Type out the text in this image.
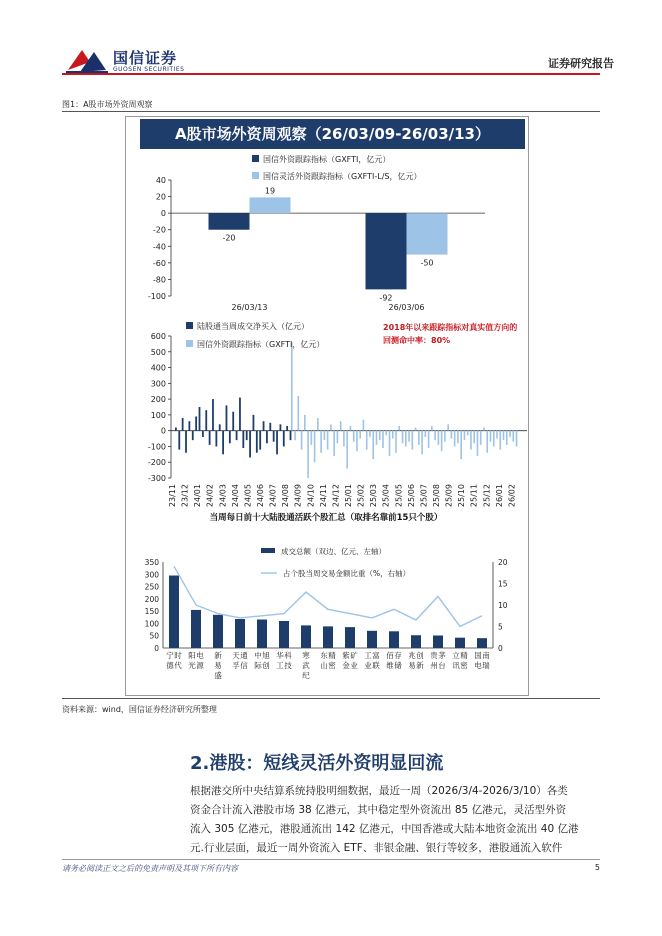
国信证券
GUOSEN SECURITIES	证券研究报告
图1：A股市场外资周观察
A股市场外资周观察（26/03/09-26/03/13）
40
20
0
-20
-40
-60
-80
-100
-20
19
26/03/13
-92
-50
26/03/06
国信外资跟踪指标（GXFTI，亿元）
国信灵活外资跟踪指标（GXFTI-L/S，亿元）
600
500
400
300
200
100
0
-100
-200
-300
23/11 23/12 24/01 24/02 24/03 24/04 24/05 24/06 24/07 24/08 24/09 24/10 24/11 24/12 25/01 25/02 25/03 25/04 25/05 25/06 25/07 25/08 25/09 25/10 25/11 25/12 26/01 26/02
陆股通当周成交净买入（亿元）
国信外资跟踪指标（GXFTI，亿元）
2018年以来跟踪指标对真实值方向的
回测命中率：80%
当周每日前十大陆股通活跃个股汇总（取排名靠前15只个股）
350
300
250
200
150
100
50
0
20
15
10
5
0
宁
德
时
代
阳
光
电
源
新
易
盛
天
孚
通
信
中
际
旭
创
华
工
科
技
寒
武
纪
东
山
精
密
紫
金
矿
业
工
业
富
联
佰
维
存
储
兆
易
创
新
贵
州
茅
台
立
讯
精
密
国
电
南
瑞
成交总额（双边、亿元、左轴）
占个股当周交易金额比重（%，右轴）
资料来源：wind，国信证券经济研究所整理
2.港股：短线灵活外资明显回流
根据港交所中央结算系统持股明细数据，最近一周（2026/3/4-2026/3/10）各类
资金合计流入港股市场 38 亿港元，其中稳定型外资流出 85 亿港元，灵活型外资
流入 305 亿港元，港股通流出 142 亿港元，中国香港或大陆本地资金流出 40 亿港
元.行业层面，最近一周外资流入 ETF、非银金融、银行等较多，港股通流入软件
请务必阅读正文之后的免责声明及其项下所有内容	5
